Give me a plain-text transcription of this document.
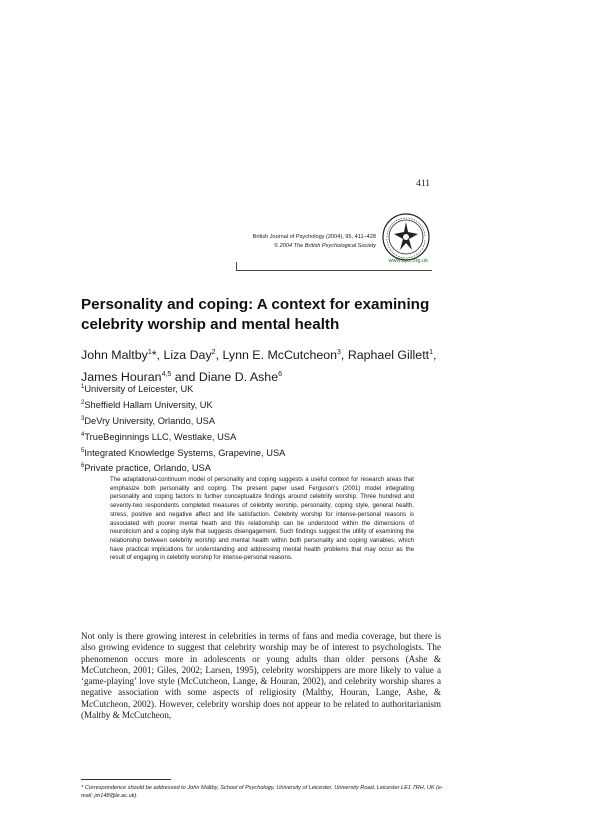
411
British Journal of Psychology (2004), 95, 411–428
© 2004 The British Psychological Society
www.bps.org.uk
Personality and coping: A context for examining celebrity worship and mental health
John Maltby$^1$*, Liza Day$^2$, Lynn E. McCutcheon$^3$, Raphael Gillett$^1$,
James Houran$^{4,5}$ and Diane D. Ashe$^6$
$^1$University of Leicester, UK
$^2$Sheffield Hallam University, UK
$^3$DeVry University, Orlando, USA
$^4$TrueBeginnings LLC, Westlake, USA
$^5$Integrated Knowledge Systems, Grapevine, USA
$^6$Private practice, Orlando, USA
The adaptational-continuum model of personality and coping suggests a useful context for research areas that emphasize both personality and coping. The present paper used Ferguson's (2001) model integrating personality and coping factors to further conceptualize findings around celebrity worship. Three hundred and seventy-two respondents completed measures of celebrity worship, personality, coping style, general health, stress, positive and negative affect and life satisfaction. Celebrity worship for intense-personal reasons is associated with poorer mental heath and this relationship can be understood within the dimensions of neuroticism and a coping style that suggests disengagement. Such findings suggest the utility of examining the relationship between celebrity worship and mental health within both personality and coping variables, which have practical implications for understanding and addressing mental health problems that may occur as the result of engaging in celebrity worship for intense-personal reasons.
Not only is there growing interest in celebrities in terms of fans and media coverage, but there is also growing evidence to suggest that celebrity worship may be of interest to psychologists. The phenomenon occurs more in adolescents or young adults than older persons (Ashe & McCutcheon, 2001; Giles, 2002; Larsen, 1995), celebrity worshippers are more likely to value a ‘game-playing’ love style (McCutcheon, Lange, & Houran, 2002), and celebrity worship shares a negative association with some aspects of religiosity (Maltby, Houran, Lange, Ashe, & McCutcheon, 2002). However, celebrity worship does not appear to be related to authoritarianism (Maltby & McCutcheon,
* Correspondence should be addressed to John Maltby, School of Psychology, University of Leicester, University Road, Leicester LE1 7RH, UK (e-mail: jm148@le.ac.uk).
